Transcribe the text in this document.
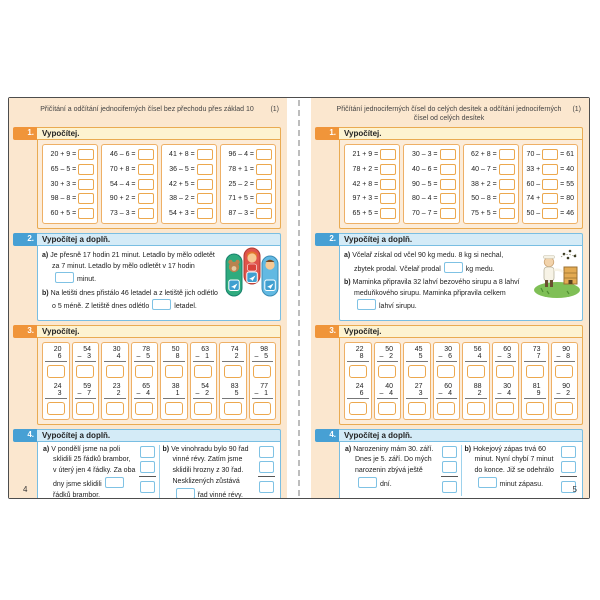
Přičítání a odčítání jednociferných čísel bez přechodu přes základ 10 (1)
1.	Vypočítej.
20 + 9 =
65 – 5 =
30 + 3 =
98 – 8 =
60 + 5 =
46 – 6 =
70 + 8 =
54 – 4 =
90 + 2 =
73 – 3 =
41 + 8 =
36 – 5 =
42 + 5 =
38 – 2 =
54 + 3 =
96 – 4 =
78 + 1 =
25 – 2 =
71 + 5 =
87 – 3 =
2.	Vypočítej a doplň.

a) Je přesně 17 hodin 21 minut. Letadlo by mělo odletět za 7 minut. Letadlo by mělo odletět v 17 hodinminut.

b) Na letišti dnes přistálo 46 letadel a z letiště jich odlétlo o 5 méně. Z letiště dnes odlétlo	letadel.

3.	Vypočítej.
20
6
24
3
54
– 3
59
– 7
30
4
23
2
78
– 5
65
– 4
50
8
38
1
63
– 1
54
– 2
74
2
83
5
98
– 5
77
– 1
4.	Vypočítej a doplň.
a) V pondělí jsme na poli sklidili 25 řádků brambor, v úterý jen 4 řádky. Za oba dny jsme sklidiliřádků brambor.
b) Ve vinohradu bylo 90 řad vinné révy. Zatím jsme sklidili hrozny z 30 řad. Nesklizených zůstávářad vinné révy.
4
Přičítání jednociferných čísel do celých desítek a odčítání jednociferných čísel od celých desítek
(1)
1.	Vypočítej.
21 + 9 =
78 + 2 =
42 + 8 =
97 + 3 =
65 + 5 =
30 – 3 =
40 – 6 =
90 – 5 =
80 – 4 =
70 – 7 =
62 + 8 =
40 – 7 =
38 + 2 =
50 – 8 =
75 + 5 =
70 –	= 61
33 +	= 40
60 –	= 55
74 +	= 80
50 –	= 46
2.	Vypočítej a doplň.

a) Včelař získal od včel 90 kg medu. 8 kg si nechal, zbytek prodal. Včelař prodal	kg medu.

b) Maminka připravila 32 lahví bezového sirupu a 8 lahví meduňkového sirupu. Maminka připravila celkemlahví sirupu.

3.	Vypočítej.
22
8
24
6
50
– 2
40
– 4
45
5
27
3
30
– 6
60
– 4
56
4
88
2
60
– 3
30
– 4
73
7
81
9
90
– 8
90
– 2
4.	Vypočítej a doplň.
a) Narozeniny mám 30. září. Dnes je 5. září. Do mých narozenin zbývá ještědní.
b) Hokejový zápas trvá 60 minut. Nyní chybí 7 minut do konce. Již se odehrálominut zápasu.
5
